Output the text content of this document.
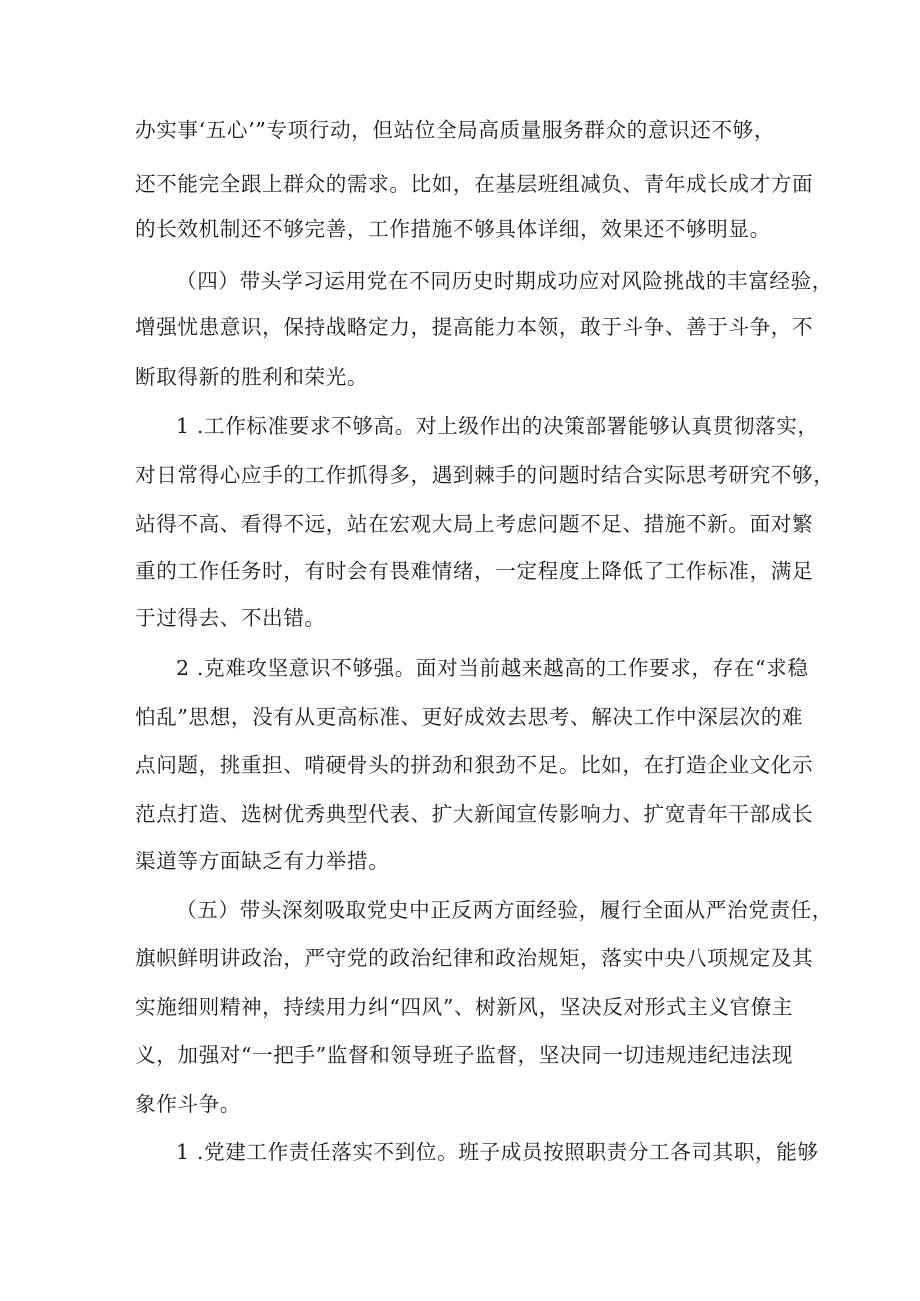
办实事‘五心’”专项行动，但站位全局高质量服务群众的意识还不够，
还不能完全跟上群众的需求。比如，在基层班组减负、青年成长成才方面
的长效机制还不够完善，工作措施不够具体详细，效果还不够明显。
（四）带头学习运用党在不同历史时期成功应对风险挑战的丰富经验，
增强忧患意识，保持战略定力，提高能力本领，敢于斗争、善于斗争，不
断取得新的胜利和荣光。
1 .工作标准要求不够高。对上级作出的决策部署能够认真贯彻落实，
对日常得心应手的工作抓得多，遇到棘手的问题时结合实际思考研究不够，
站得不高、看得不远，站在宏观大局上考虑问题不足、措施不新。面对繁
重的工作任务时，有时会有畏难情绪，一定程度上降低了工作标准，满足
于过得去、不出错。
2 .克难攻坚意识不够强。面对当前越来越高的工作要求，存在“求稳
怕乱”思想，没有从更高标准、更好成效去思考、解决工作中深层次的难
点问题，挑重担、啃硬骨头的拼劲和狠劲不足。比如，在打造企业文化示
范点打造、选树优秀典型代表、扩大新闻宣传影响力、扩宽青年干部成长
渠道等方面缺乏有力举措。
（五）带头深刻吸取党史中正反两方面经验，履行全面从严治党责任，
旗帜鲜明讲政治，严守党的政治纪律和政治规矩，落实中央八项规定及其
实施细则精神，持续用力纠“四风”、树新风，坚决反对形式主义官僚主
义，加强对“一把手”监督和领导班子监督，坚决同一切违规违纪违法现
象作斗争。
1 .党建工作责任落实不到位。班子成员按照职责分工各司其职，能够
